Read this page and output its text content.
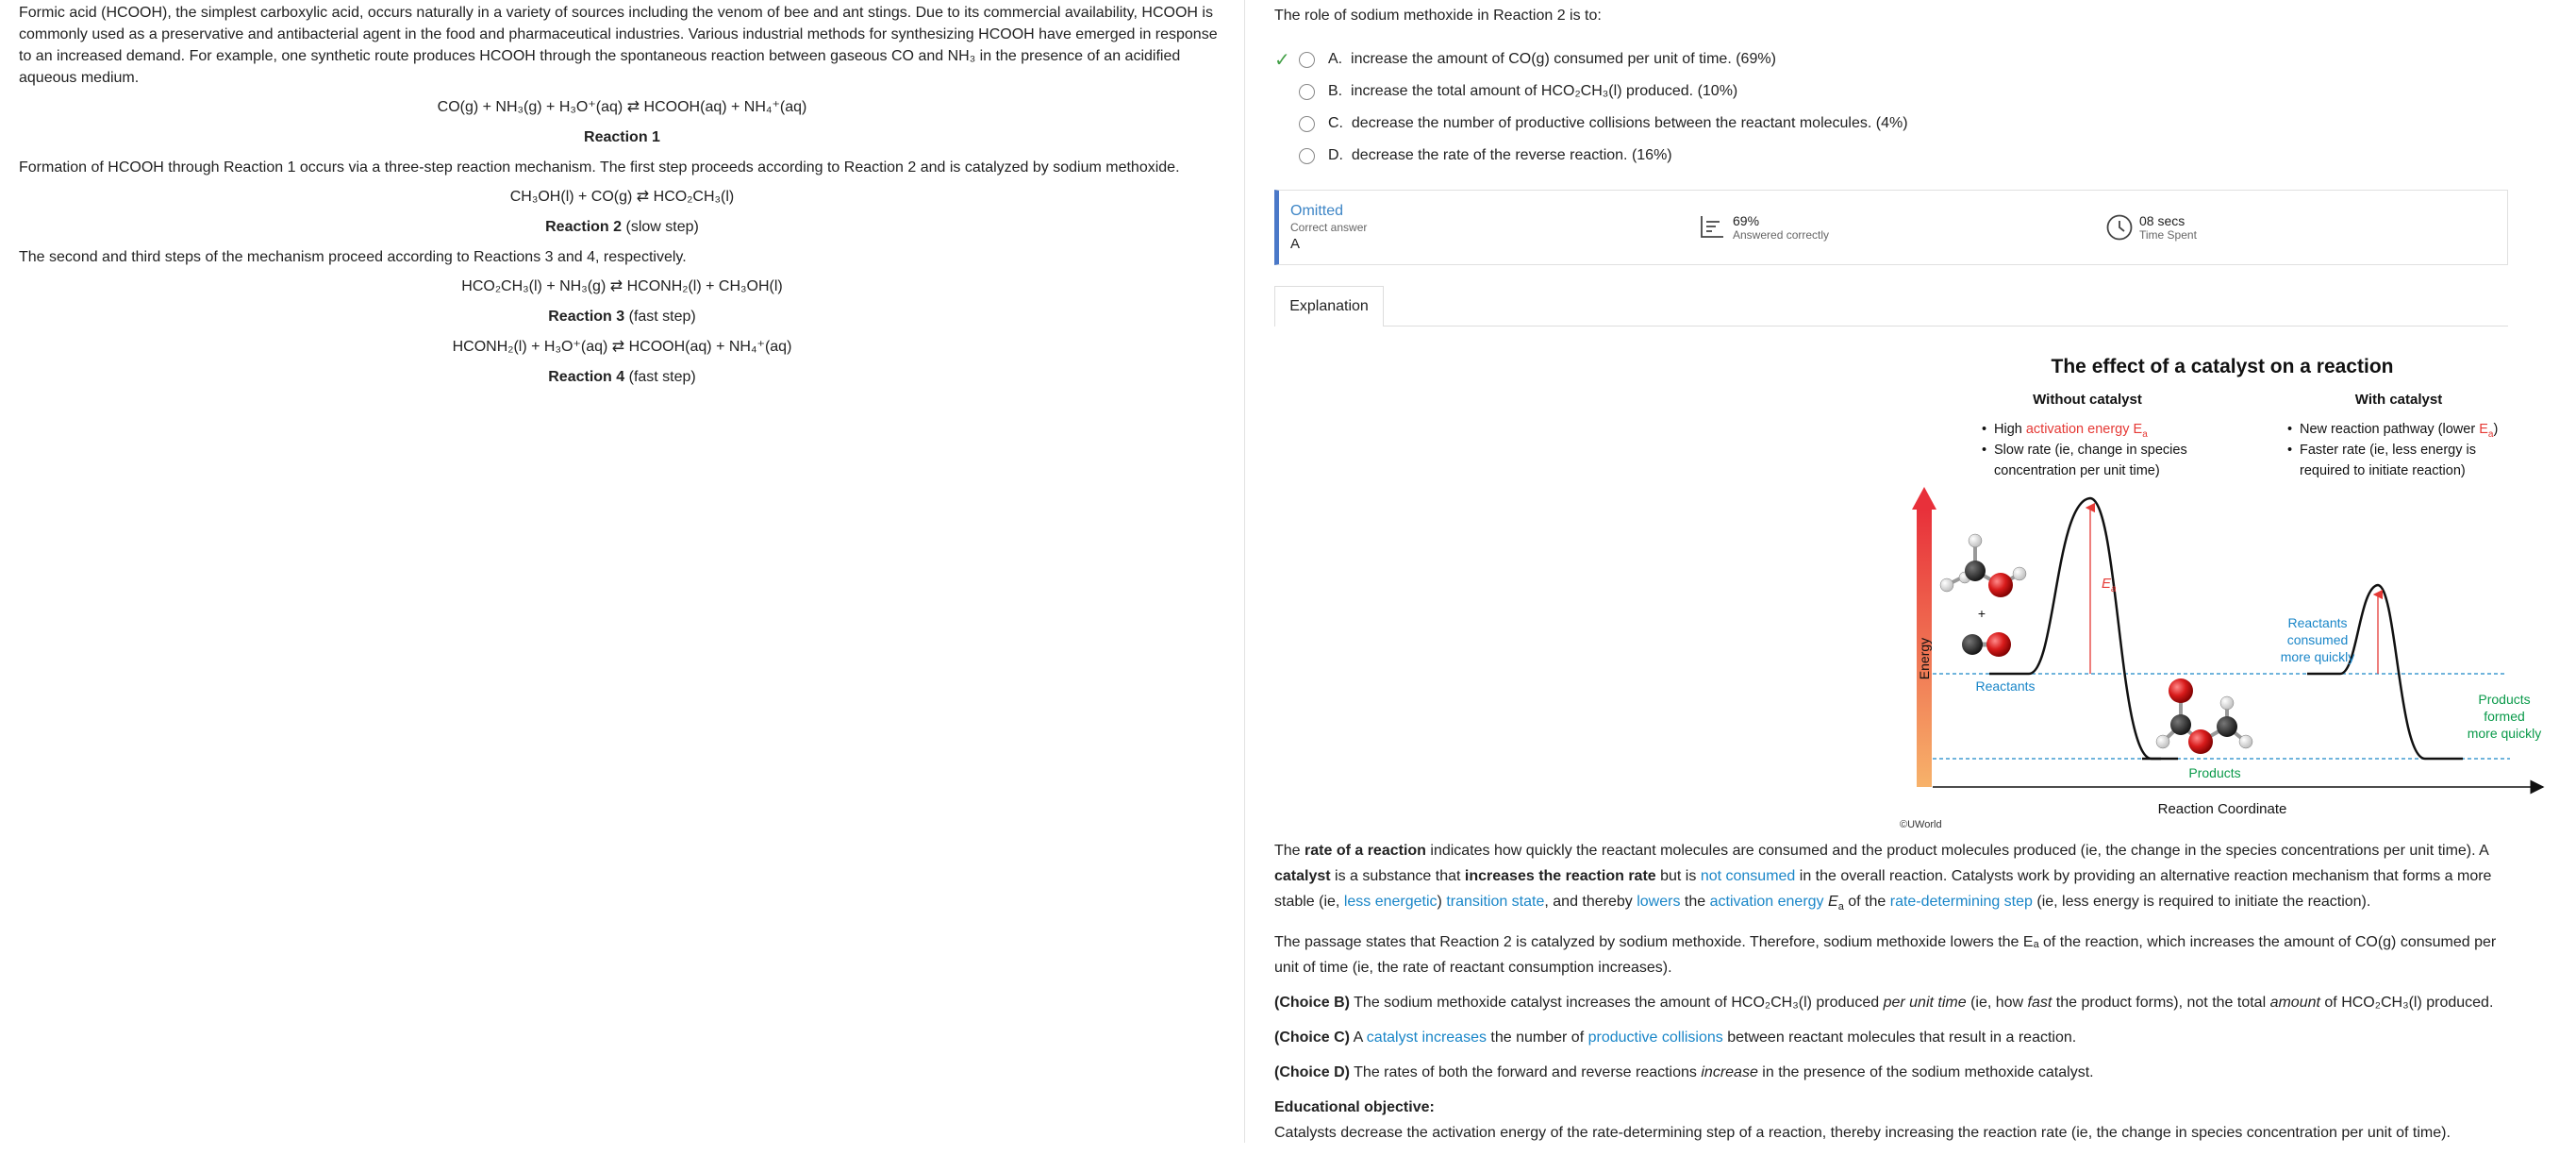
Formic acid (HCOOH), the simplest carboxylic acid, occurs naturally in a variety of sources including the venom of bee and ant stings. Due to its commercial availability, HCOOH is commonly used as a preservative and antibacterial agent in the food and pharmaceutical industries. Various industrial methods for synthesizing HCOOH have emerged in response to an increased demand. For example, one synthetic route produces HCOOH through the spontaneous reaction between gaseous CO and NH₃ in the presence of an acidified aqueous medium.

CO(g) + NH₃(g) + H₃O⁺(aq) ⇄ HCOOH(aq) + NH₄⁺(aq)

Reaction 1

Formation of HCOOH through Reaction 1 occurs via a three-step reaction mechanism. The first step proceeds according to Reaction 2 and is catalyzed by sodium methoxide.

CH₃OH(l) + CO(g) ⇄ HCO₂CH₃(l)

Reaction 2 (slow step)

The second and third steps of the mechanism proceed according to Reactions 3 and 4, respectively.

HCO₂CH₃(l) + NH₃(g) ⇄ HCONH₂(l) + CH₃OH(l)

Reaction 3 (fast step)

HCONH₂(l) + H₃O⁺(aq) ⇄ HCOOH(aq) + NH₄⁺(aq)

Reaction 4 (fast step)

The role of sodium methoxide in Reaction 2 is to:
✓	A.
increase the amount of CO(g) consumed per unit of time. (69%)
B.
increase the total amount of HCO₂CH₃(l) produced. (10%)
C.
decrease the number of productive collisions between the reactant molecules. (4%)
D.
decrease the rate of the reverse reaction. (16%)
Omitted
Correct answer
A
69%
Answered correctly
08 secs
Time Spent
Explanation
The effect of a catalyst on a reaction
Without catalyst	With catalyst
• High activation energy $E_a$
• Slow rate (ie, change in species
concentration per unit time)
• New reaction pathway (lower $E_a$)
• Faster rate (ie, less energy is
required to initiate reaction)
Energy
Reaction Coordinate
$E_a$
Reactants
Products
Reactants
consumed
more quickly
Products
formed
more quickly
+
©UWorld

The rate of a reaction indicates how quickly the reactant molecules are consumed and the product molecules produced (ie, the change in the species concentrations per unit time). A catalyst is a substance that increases the reaction rate but is not consumed in the overall reaction. Catalysts work by providing an alternative reaction mechanism that forms a more stable (ie, less energetic) transition state, and thereby lowers the activation energy $E_a$ of the rate-determining step (ie, less energy is required to initiate the reaction).

The passage states that Reaction 2 is catalyzed by sodium methoxide. Therefore, sodium methoxide lowers the Eₐ of the reaction, which increases the amount of CO(g) consumed per unit of time (ie, the rate of reactant consumption increases).

(Choice B) The sodium methoxide catalyst increases the amount of HCO₂CH₃(l) produced per unit time (ie, how fast the product forms), not the total amount of HCO₂CH₃(l) produced.

(Choice C) A catalyst increases the number of productive collisions between reactant molecules that result in a reaction.

(Choice D) The rates of both the forward and reverse reactions increase in the presence of the sodium methoxide catalyst.

Educational objective:

Catalysts decrease the activation energy of the rate-determining step of a reaction, thereby increasing the reaction rate (ie, the change in species concentration per unit of time).
